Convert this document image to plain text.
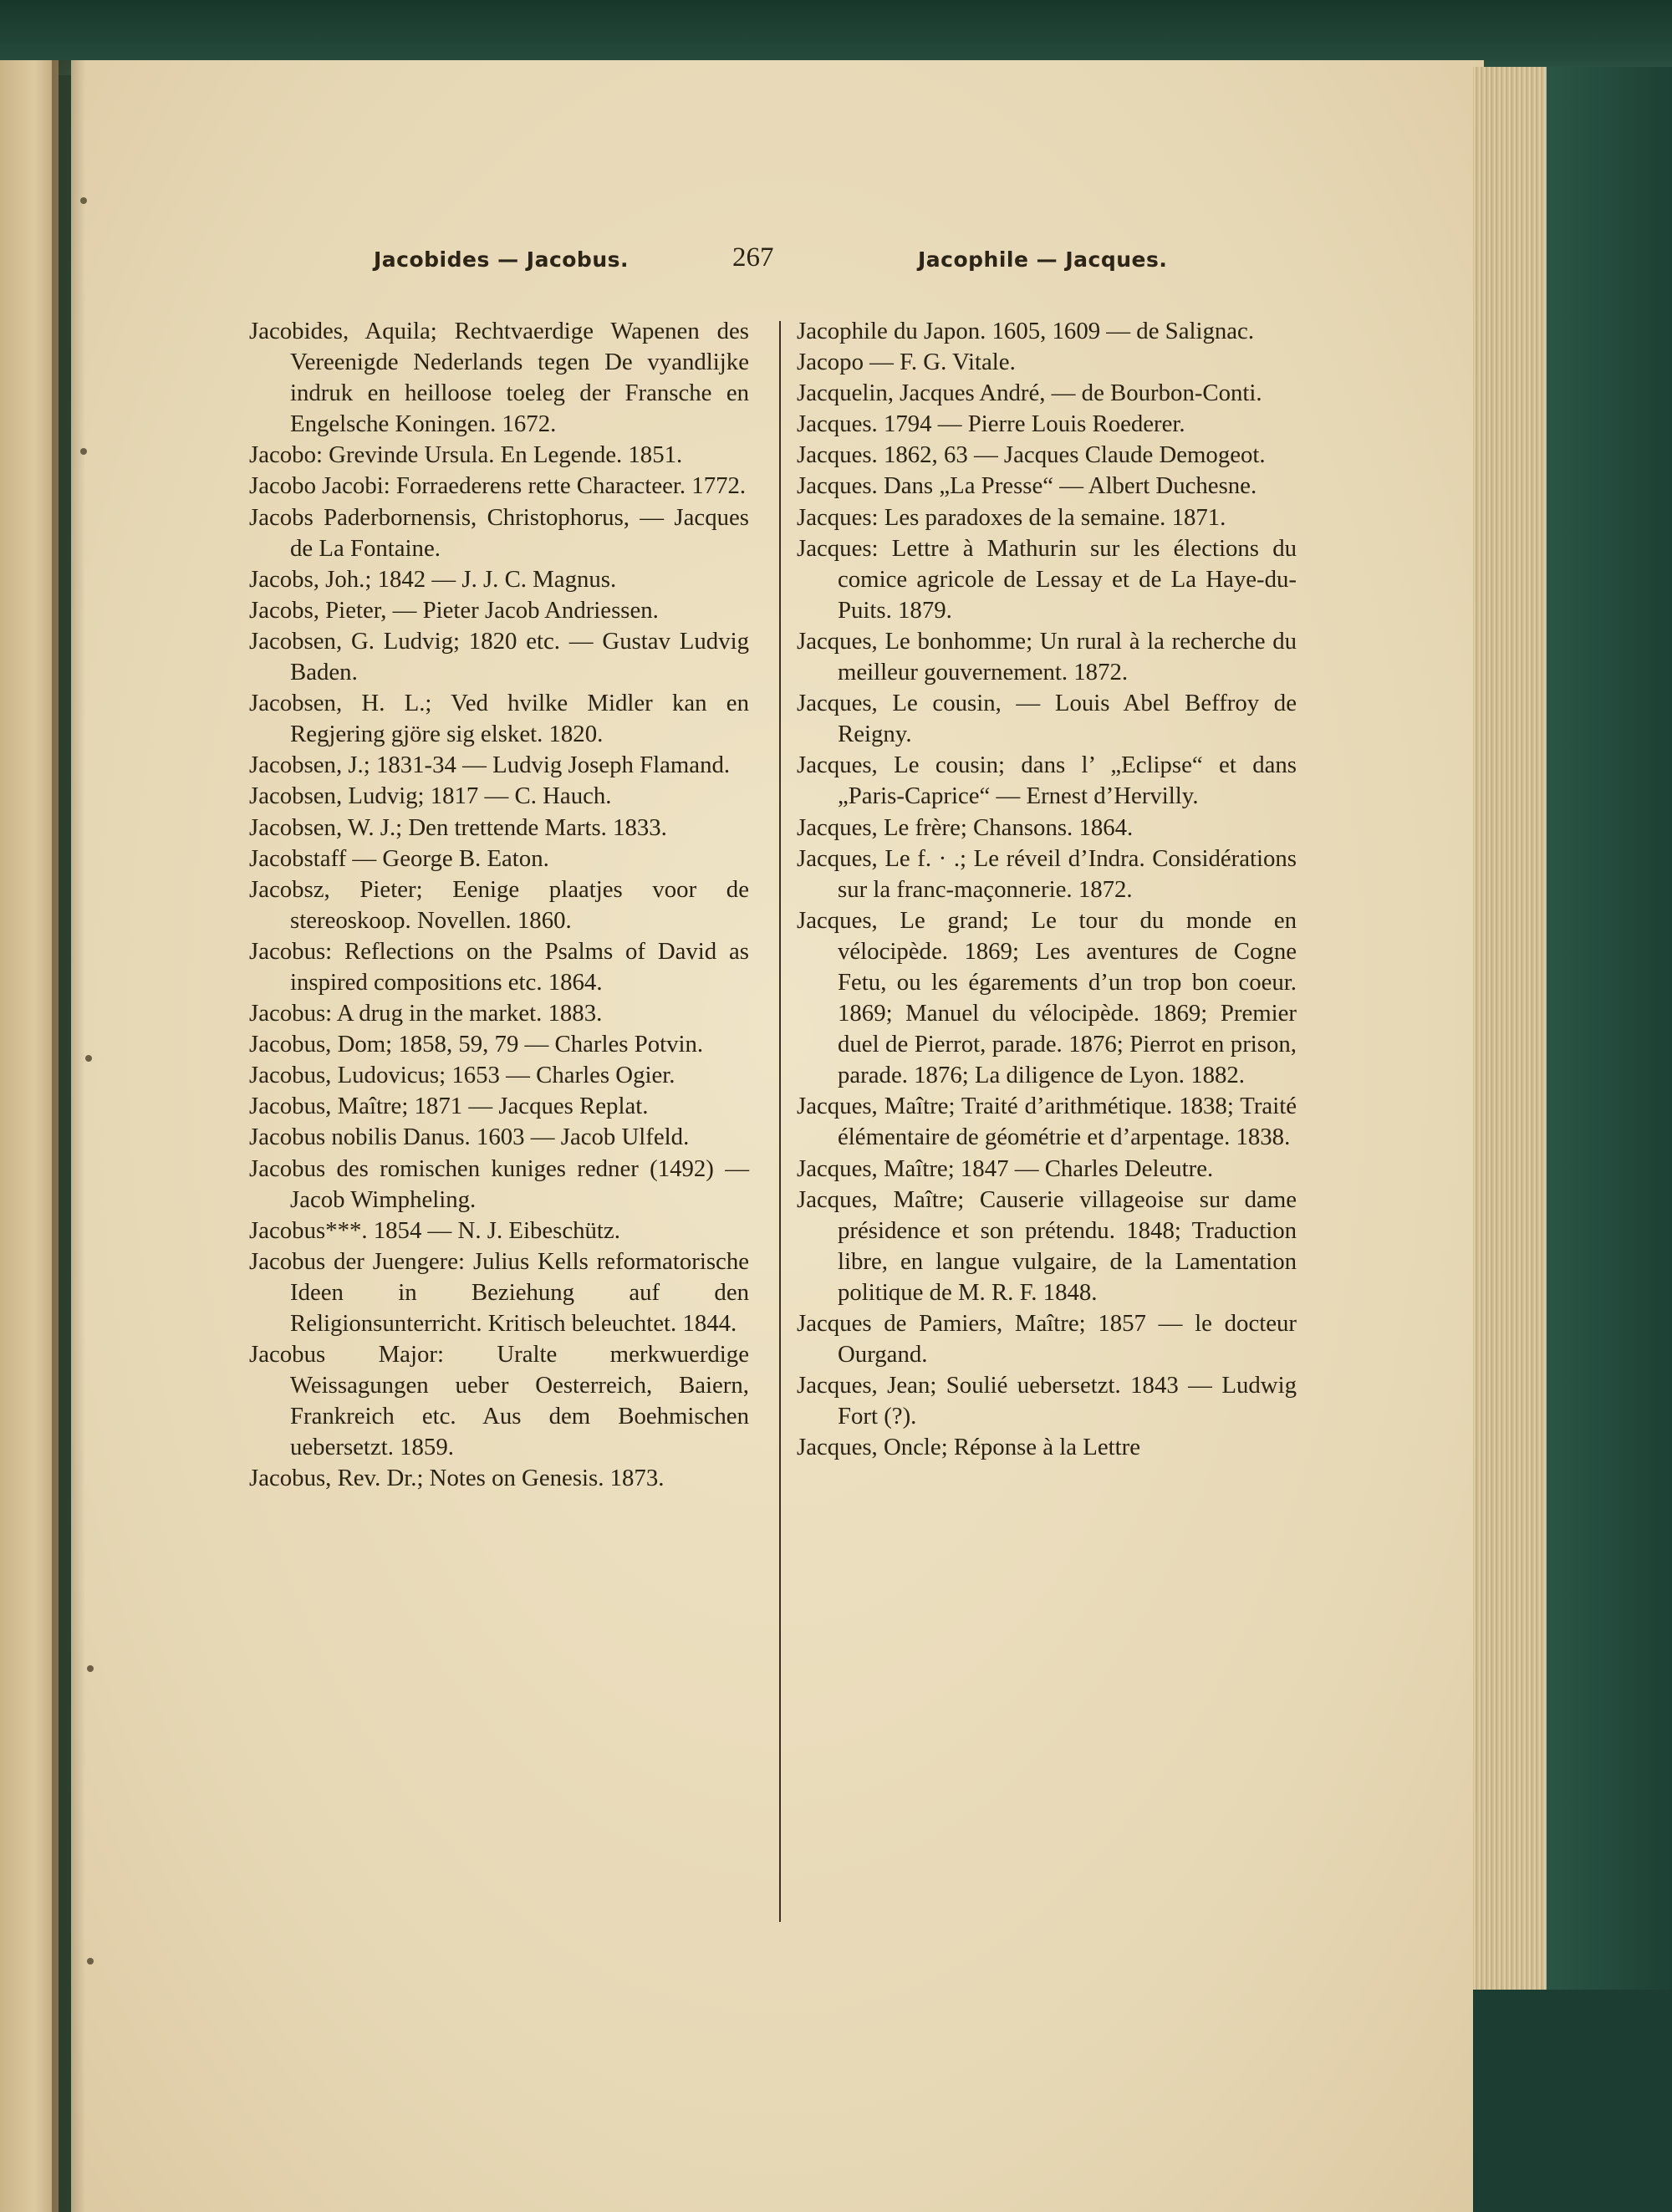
Jacobides — Jacobus.	267	Jacophile — Jacques.

Jacobides, Aquila; Rechtvaerdige Wapenen des Vereenigde Nederlands tegen De vyandlijke indruk en heilloose toeleg der Fransche en Engelsche Koningen. 1672.

Jacobo: Grevinde Ursula. En Legende. 1851.

Jacobo Jacobi: Forraederens rette Characteer. 1772.

Jacobs Paderbornensis, Christophorus, — Jacques de La Fontaine.

Jacobs, Joh.; 1842 — J. J. C. Magnus.

Jacobs, Pieter, — Pieter Jacob Andriessen.

Jacobsen, G. Ludvig; 1820 etc. — Gustav Ludvig Baden.

Jacobsen, H. L.; Ved hvilke Midler kan en Regjering gjöre sig elsket. 1820.

Jacobsen, J.; 1831-34 — Ludvig Joseph Flamand.

Jacobsen, Ludvig; 1817 — C. Hauch.

Jacobsen, W. J.; Den trettende Marts. 1833.

Jacobstaff — George B. Eaton.

Jacobsz, Pieter; Eenige plaatjes voor de stereoskoop. Novellen. 1860.

Jacobus: Reflections on the Psalms of David as inspired compositions etc. 1864.

Jacobus: A drug in the market. 1883.

Jacobus, Dom; 1858, 59, 79 — Charles Potvin.

Jacobus, Ludovicus; 1653 — Charles Ogier.

Jacobus, Maître; 1871 — Jacques Replat.

Jacobus nobilis Danus. 1603 — Jacob Ulfeld.

Jacobus des romischen kuniges redner (1492) — Jacob Wimpheling.

Jacobus***. 1854 — N. J. Eibeschütz.

Jacobus der Juengere: Julius Kells reformatorische Ideen in Beziehung auf den Religionsunterricht. Kritisch beleuchtet. 1844.

Jacobus Major: Uralte merkwuerdige Weissagungen ueber Oesterreich, Baiern, Frankreich etc. Aus dem Boehmischen uebersetzt. 1859.

Jacobus, Rev. Dr.; Notes on Genesis. 1873.

Jacophile du Japon. 1605, 1609 — de Salignac.

Jacopo — F. G. Vitale.

Jacquelin, Jacques André, — de Bourbon-Conti.

Jacques. 1794 — Pierre Louis Roederer.

Jacques. 1862, 63 — Jacques Claude Demogeot.

Jacques. Dans „La Presse“ — Albert Duchesne.

Jacques: Les paradoxes de la semaine. 1871.

Jacques: Lettre à Mathurin sur les élections du comice agricole de Lessay et de La Haye-du-Puits. 1879.

Jacques, Le bonhomme; Un rural à la recherche du meilleur gouvernement. 1872.

Jacques, Le cousin, — Louis Abel Beffroy de Reigny.

Jacques, Le cousin; dans l’ „Eclipse“ et dans „Paris-Caprice“ — Ernest d’Hervilly.

Jacques, Le frère; Chansons. 1864.

Jacques, Le f. · .; Le réveil d’Indra. Considérations sur la franc-maçonnerie. 1872.

Jacques, Le grand; Le tour du monde en vélocipède. 1869; Les aventures de Cogne Fetu, ou les égarements d’un trop bon coeur. 1869; Manuel du vélocipède. 1869; Premier duel de Pierrot, parade. 1876; Pierrot en prison, parade. 1876; La diligence de Lyon. 1882.

Jacques, Maître; Traité d’arithmétique. 1838; Traité élémentaire de géométrie et d’arpentage. 1838.

Jacques, Maître; 1847 — Charles Deleutre.

Jacques, Maître; Causerie villageoise sur dame présidence et son prétendu. 1848; Traduction libre, en langue vulgaire, de la Lamentation politique de M. R. F. 1848.

Jacques de Pamiers, Maître; 1857 — le docteur Ourgand.

Jacques, Jean; Soulié uebersetzt. 1843 — Ludwig Fort (?).

Jacques, Oncle; Réponse à la Lettre
